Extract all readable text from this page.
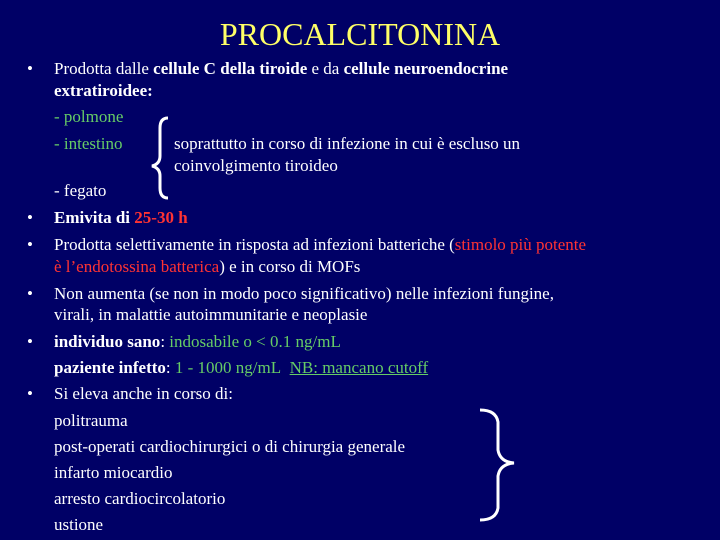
PROCALCITONINA
• Prodotta dalle cellule C della tiroide e da cellule neuroendocrine
extratiroidee:
- polmone
- intestino	soprattutto in corso di infezione in cui è escluso un
coinvolgimento tiroideo
- fegato
• Emivita di 25-30 h
• Prodotta selettivamente in risposta ad infezioni batteriche (stimolo più potente
è l’endotossina batterica) e in corso di MOFs
• Non aumenta (se non in modo poco significativo) nelle infezioni fungine,
virali, in malattie autoimmunitarie e neoplasie
• individuo sano: indosabile o < 0.1 ng/mL
paziente infetto: 1 - 1000 ng/mL NB: mancano cutoff
• Si eleva anche in corso di:
politrauma
post-operati cardiochirurgici o di chirurgia generale
infarto miocardio
arresto cardiocircolatorio
ustione
